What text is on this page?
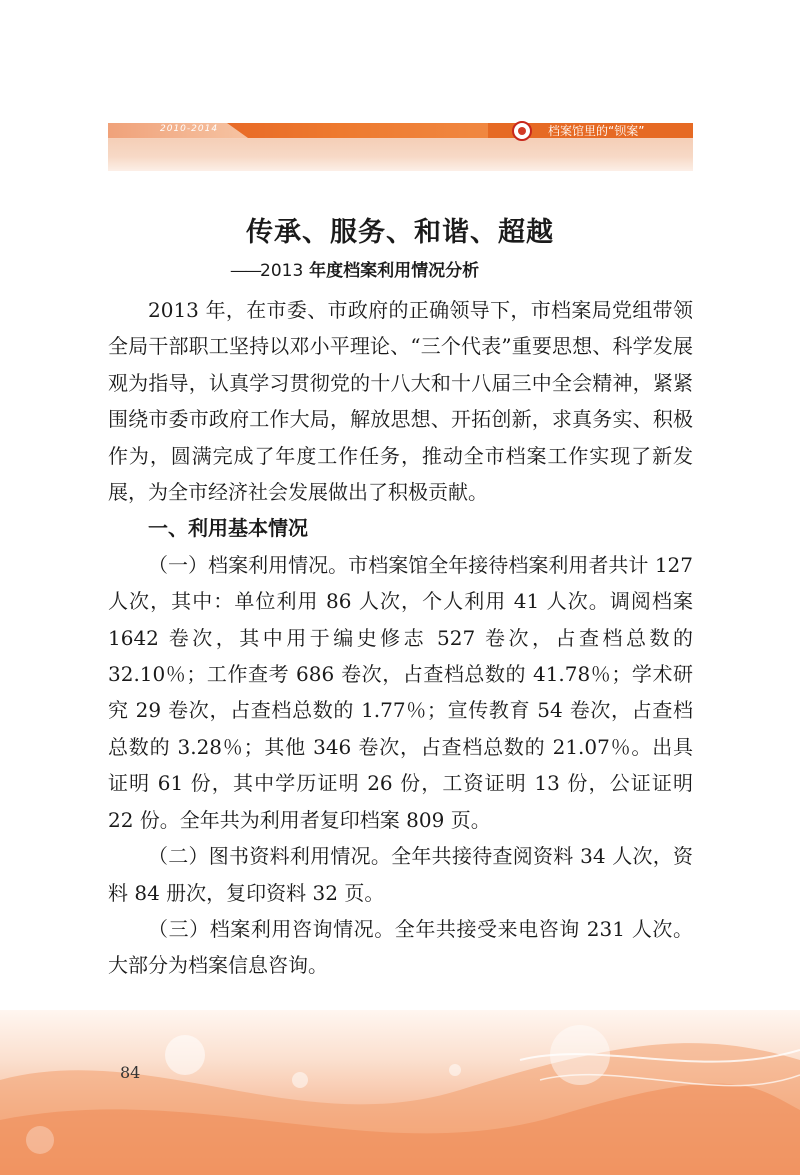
2010-2014	档案馆里的“钡案”
传承、服务、和谐、超越
——2013 年度档案利用情况分析

2013 年，在市委、市政府的正确领导下，市档案局党组带领全局干部职工坚持以邓小平理论、“三个代表”重要思想、科学发展观为指导，认真学习贯彻党的十八大和十八届三中全会精神，紧紧围绕市委市政府工作大局，解放思想、开拓创新，求真务实、积极作为，圆满完成了年度工作任务，推动全市档案工作实现了新发展，为全市经济社会发展做出了积极贡献。

一、利用基本情况

（一）档案利用情况。市档案馆全年接待档案利用者共计 127 人次，其中：单位利用 86 人次，个人利用 41 人次。调阅档案 1642 卷次，其中用于编史修志 527 卷次，占查档总数的 32.10％；工作查考 686 卷次，占查档总数的 41.78％；学术研究 29 卷次，占查档总数的 1.77％；宣传教育 54 卷次，占查档总数的 3.28％；其他 346 卷次，占查档总数的 21.07％。出具证明 61 份，其中学历证明 26 份，工资证明 13 份，公证证明 22 份。全年共为利用者复印档案 809 页。

（二）图书资料利用情况。全年共接待查阅资料 34 人次，资料 84 册次，复印资料 32 页。

（三）档案利用咨询情况。全年共接受来电咨询 231 人次。大部分为档案信息咨询。

84
